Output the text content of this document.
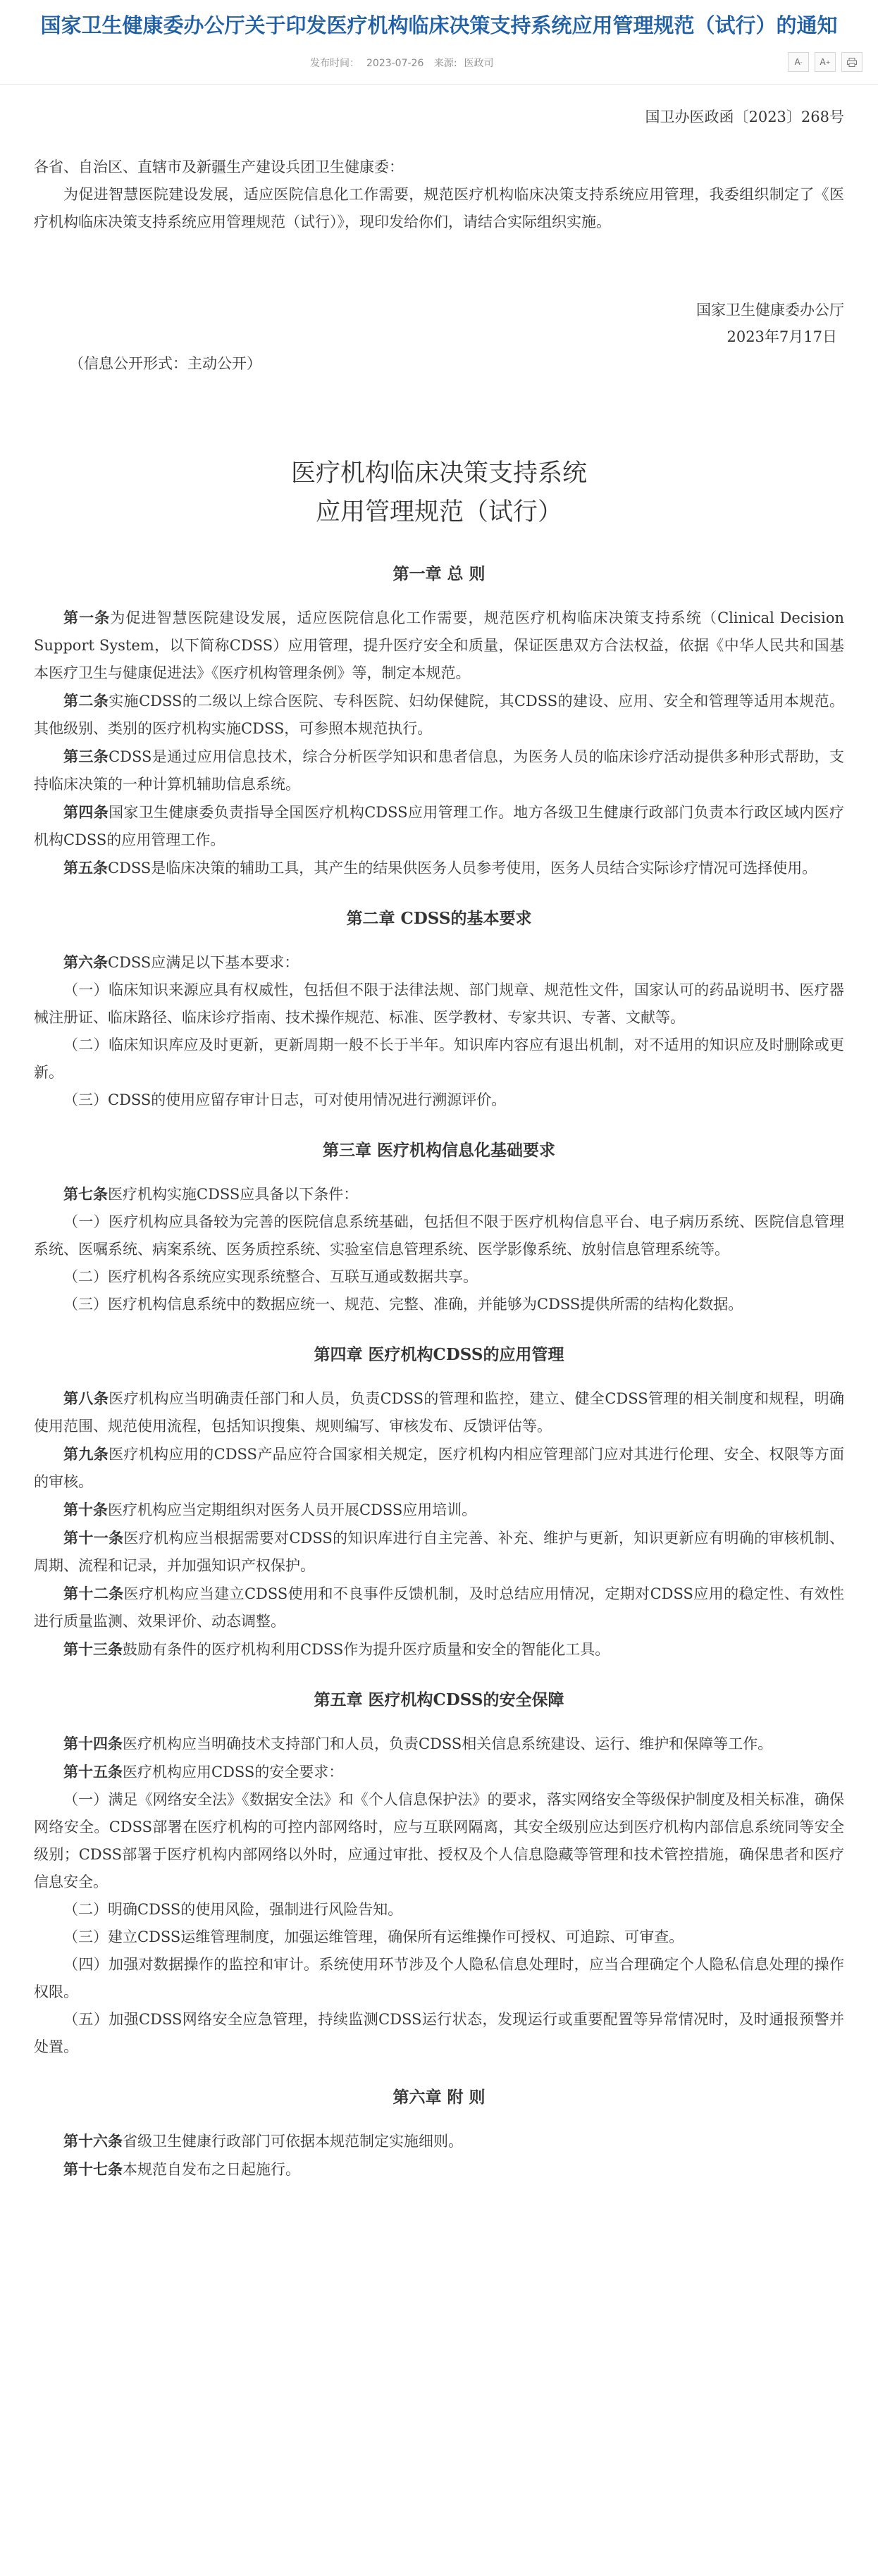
国家卫生健康委办公厅关于印发医疗机构临床决策支持系统应用管理规范（试行）的通知
发布时间： 2023-07-26 来源: 医政司	A -	A +
国卫办医政函〔2023〕268号

各省、自治区、直辖市及新疆生产建设兵团卫生健康委：

为促进智慧医院建设发展，适应医院信息化工作需要，规范医疗机构临床决策支持系统应用管理，我委组织制定了《医疗机构临床决策支持系统应用管理规范（试行）》，现印发给你们，请结合实际组织实施。

国家卫生健康委办公厅
2023年7月17日
（信息公开形式：主动公开）
医疗机构临床决策支持系统
应用管理规范（试行）
第一章 总 则

第一条为促进智慧医院建设发展，适应医院信息化工作需要，规范医疗机构临床决策支持系统（Clinical Decision Support System，以下简称CDSS）应用管理，提升医疗安全和质量，保证医患双方合法权益，依据《中华人民共和国基本医疗卫生与健康促进法》《医疗机构管理条例》等，制定本规范。

第二条实施CDSS的二级以上综合医院、专科医院、妇幼保健院，其CDSS的建设、应用、安全和管理等适用本规范。其他级别、类别的医疗机构实施CDSS，可参照本规范执行。

第三条CDSS是通过应用信息技术，综合分析医学知识和患者信息，为医务人员的临床诊疗活动提供多种形式帮助，支持临床决策的一种计算机辅助信息系统。

第四条国家卫生健康委负责指导全国医疗机构CDSS应用管理工作。地方各级卫生健康行政部门负责本行政区域内医疗机构CDSS的应用管理工作。

第五条CDSS是临床决策的辅助工具，其产生的结果供医务人员参考使用，医务人员结合实际诊疗情况可选择使用。

第二章 CDSS的基本要求

第六条CDSS应满足以下基本要求：

（一）临床知识来源应具有权威性，包括但不限于法律法规、部门规章、规范性文件，国家认可的药品说明书、医疗器械注册证、临床路径、临床诊疗指南、技术操作规范、标准、医学教材、专家共识、专著、文献等。

（二）临床知识库应及时更新，更新周期一般不长于半年。知识库内容应有退出机制，对不适用的知识应及时删除或更新。

（三）CDSS的使用应留存审计日志，可对使用情况进行溯源评价。

第三章 医疗机构信息化基础要求

第七条医疗机构实施CDSS应具备以下条件：

（一）医疗机构应具备较为完善的医院信息系统基础，包括但不限于医疗机构信息平台、电子病历系统、医院信息管理系统、医嘱系统、病案系统、医务质控系统、实验室信息管理系统、医学影像系统、放射信息管理系统等。

（二）医疗机构各系统应实现系统整合、互联互通或数据共享。

（三）医疗机构信息系统中的数据应统一、规范、完整、准确，并能够为CDSS提供所需的结构化数据。

第四章 医疗机构CDSS的应用管理

第八条医疗机构应当明确责任部门和人员，负责CDSS的管理和监控，建立、健全CDSS管理的相关制度和规程，明确使用范围、规范使用流程，包括知识搜集、规则编写、审核发布、反馈评估等。

第九条医疗机构应用的CDSS产品应符合国家相关规定，医疗机构内相应管理部门应对其进行伦理、安全、权限等方面的审核。

第十条医疗机构应当定期组织对医务人员开展CDSS应用培训。

第十一条医疗机构应当根据需要对CDSS的知识库进行自主完善、补充、维护与更新，知识更新应有明确的审核机制、周期、流程和记录，并加强知识产权保护。

第十二条医疗机构应当建立CDSS使用和不良事件反馈机制，及时总结应用情况，定期对CDSS应用的稳定性、有效性进行质量监测、效果评价、动态调整。

第十三条鼓励有条件的医疗机构利用CDSS作为提升医疗质量和安全的智能化工具。

第五章 医疗机构CDSS的安全保障

第十四条医疗机构应当明确技术支持部门和人员，负责CDSS相关信息系统建设、运行、维护和保障等工作。

第十五条医疗机构应用CDSS的安全要求：

（一）满足《网络安全法》《数据安全法》和《个人信息保护法》的要求，落实网络安全等级保护制度及相关标准，确保网络安全。CDSS部署在医疗机构的可控内部网络时，应与互联网隔离，其安全级别应达到医疗机构内部信息系统同等安全级别；CDSS部署于医疗机构内部网络以外时，应通过审批、授权及个人信息隐藏等管理和技术管控措施，确保患者和医疗信息安全。

（二）明确CDSS的使用风险，强制进行风险告知。

（三）建立CDSS运维管理制度，加强运维管理，确保所有运维操作可授权、可追踪、可审查。

（四）加强对数据操作的监控和审计。系统使用环节涉及个人隐私信息处理时，应当合理确定个人隐私信息处理的操作权限。

（五）加强CDSS网络安全应急管理，持续监测CDSS运行状态，发现运行或重要配置等异常情况时，及时通报预警并处置。

第六章 附 则

第十六条省级卫生健康行政部门可依据本规范制定实施细则。

第十七条本规范自发布之日起施行。
